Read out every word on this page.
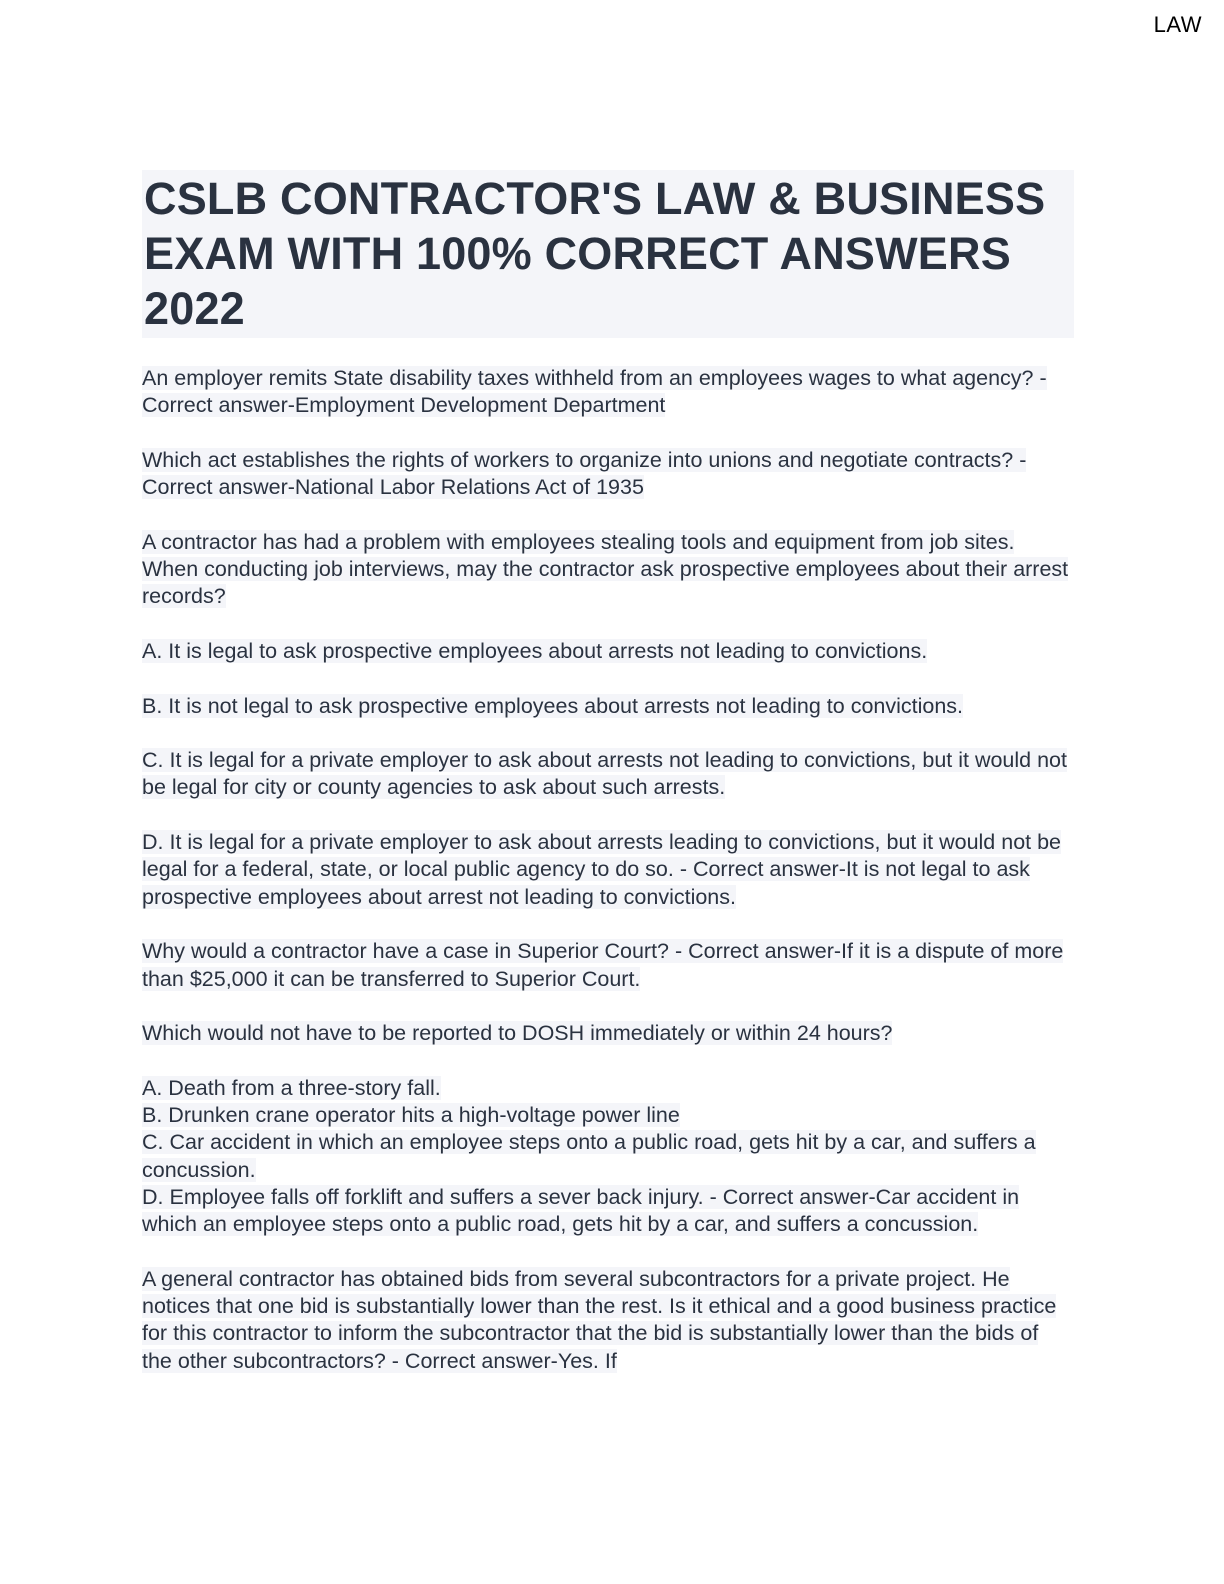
LAW
CSLB CONTRACTOR'S LAW & BUSINESS EXAM WITH 100% CORRECT ANSWERS 2022

An employer remits State disability taxes withheld from an employees wages to what agency? - Correct answer-Employment Development Department

Which act establishes the rights of workers to organize into unions and negotiate contracts? - Correct answer-National Labor Relations Act of 1935

A contractor has had a problem with employees stealing tools and equipment from job sites. When conducting job interviews, may the contractor ask prospective employees about their arrest records?

A. It is legal to ask prospective employees about arrests not leading to convictions.

B. It is not legal to ask prospective employees about arrests not leading to convictions.

C. It is legal for a private employer to ask about arrests not leading to convictions, but it would not be legal for city or county agencies to ask about such arrests.

D. It is legal for a private employer to ask about arrests leading to convictions, but it would not be legal for a federal, state, or local public agency to do so. - Correct answer-It is not legal to ask prospective employees about arrest not leading to convictions.

Why would a contractor have a case in Superior Court? - Correct answer-If it is a dispute of more than $25,000 it can be transferred to Superior Court.

Which would not have to be reported to DOSH immediately or within 24 hours?

A. Death from a three-story fall.

B. Drunken crane operator hits a high-voltage power line

C. Car accident in which an employee steps onto a public road, gets hit by a car, and suffers a concussion.

D. Employee falls off forklift and suffers a sever back injury. - Correct answer-Car accident in which an employee steps onto a public road, gets hit by a car, and suffers a concussion.

A general contractor has obtained bids from several subcontractors for a private project. He notices that one bid is substantially lower than the rest. Is it ethical and a good business practice for this contractor to inform the subcontractor that the bid is substantially lower than the bids of the other subcontractors? - Correct answer-Yes. If
